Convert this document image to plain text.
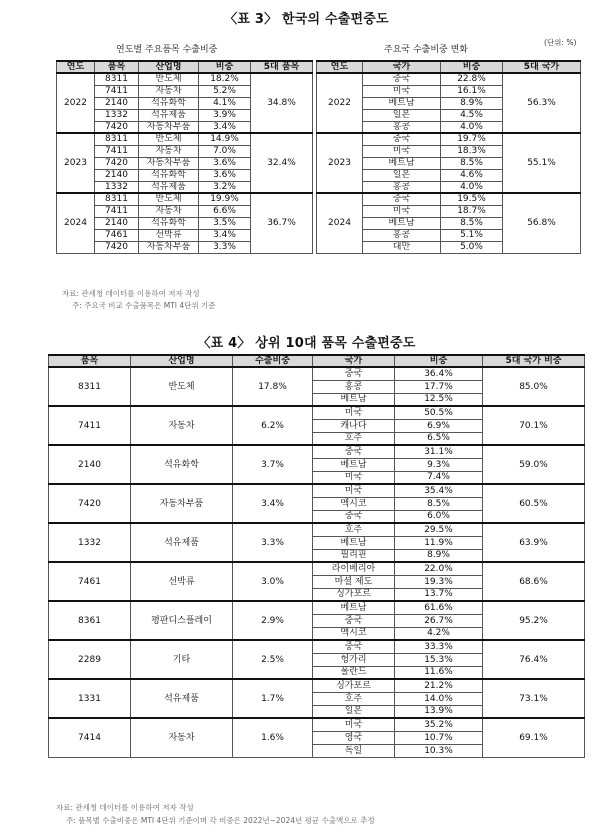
〈표 3〉 한국의 수출편중도
연도별 주요품목 수출비중	주요국 수출비중 변화
(단위: %)
연도	품목	산업명	비중	5대 품목
2022	8311	반도체	18.2%	34.8%
	7411	자동차	5.2%	
	2140	석유화학	4.1%	
	1332	석유제품	3.9%	
	7420	자동차부품	3.4%	
2023	8311	반도체	14.9%	32.4%
	7411	자동차	7.0%	
	7420	자동차부품	3.6%	
	2140	석유화학	3.6%	
	1332	석유제품	3.2%	
2024	8311	반도체	19.9%	36.7%
	7411	자동차	6.6%	
	2140	석유화학	3.5%	
	7461	선박류	3.4%	
	7420	자동차부품	3.3%	
연도	국가	비중	5대 국가
2022	중국	22.8%	56.3%
	미국	16.1%	
	베트남	8.9%	
	일본	4.5%	
	홍콩	4.0%	
2023	중국	19.7%	55.1%
	미국	18.3%	
	베트남	8.5%	
	일본	4.6%	
	홍콩	4.0%	
2024	중국	19.5%	56.8%
	미국	18.7%	
	베트남	8.5%	
	홍콩	5.1%	
	대만	5.0%	
자료: 관세청 데이터를 이용하여 저자 작성
주: 주요국 비교 수출품목은 MTI 4단위 기준
〈표 4〉 상위 10대 품목 수출편중도
품목	산업명	수출비중	국가	비중	5대 국가 비중
8311	반도체	17.8%	중국	36.4%	85.0%
			홍콩	17.7%	
			베트남	12.5%	
7411	자동차	6.2%	미국	50.5%	70.1%
			캐나다	6.9%	
			호주	6.5%	
2140	석유화학	3.7%	중국	31.1%	59.0%
			베트남	9.3%	
			미국	7.4%	
7420	자동차부품	3.4%	미국	35.4%	60.5%
			멕시코	8.5%	
			중국	6.0%	
1332	석유제품	3.3%	호주	29.5%	63.9%
			베트남	11.9%	
			필리핀	8.9%	
7461	선박류	3.0%	라이베리아	22.0%	68.6%
			마셜 제도	19.3%	
			싱가포르	13.7%	
8361	평판디스플레이	2.9%	베트남	61.6%	95.2%
			중국	26.7%	
			멕시코	4.2%	
2289	기타	2.5%	중국	33.3%	76.4%
			헝가리	15.3%	
			폴란드	11.6%	
1331	석유제품	1.7%	싱가포르	21.2%	73.1%
			호주	14.0%	
			일본	13.9%	
7414	자동차	1.6%	미국	35.2%	69.1%
			영국	10.7%	
			독일	10.3%	
자료: 관세청 데이터를 이용하여 저자 작성
주: 품목별 수출비중은 MTI 4단위 기준이며 각 비중은 2022년~2024년 평균 수출액으로 추정
